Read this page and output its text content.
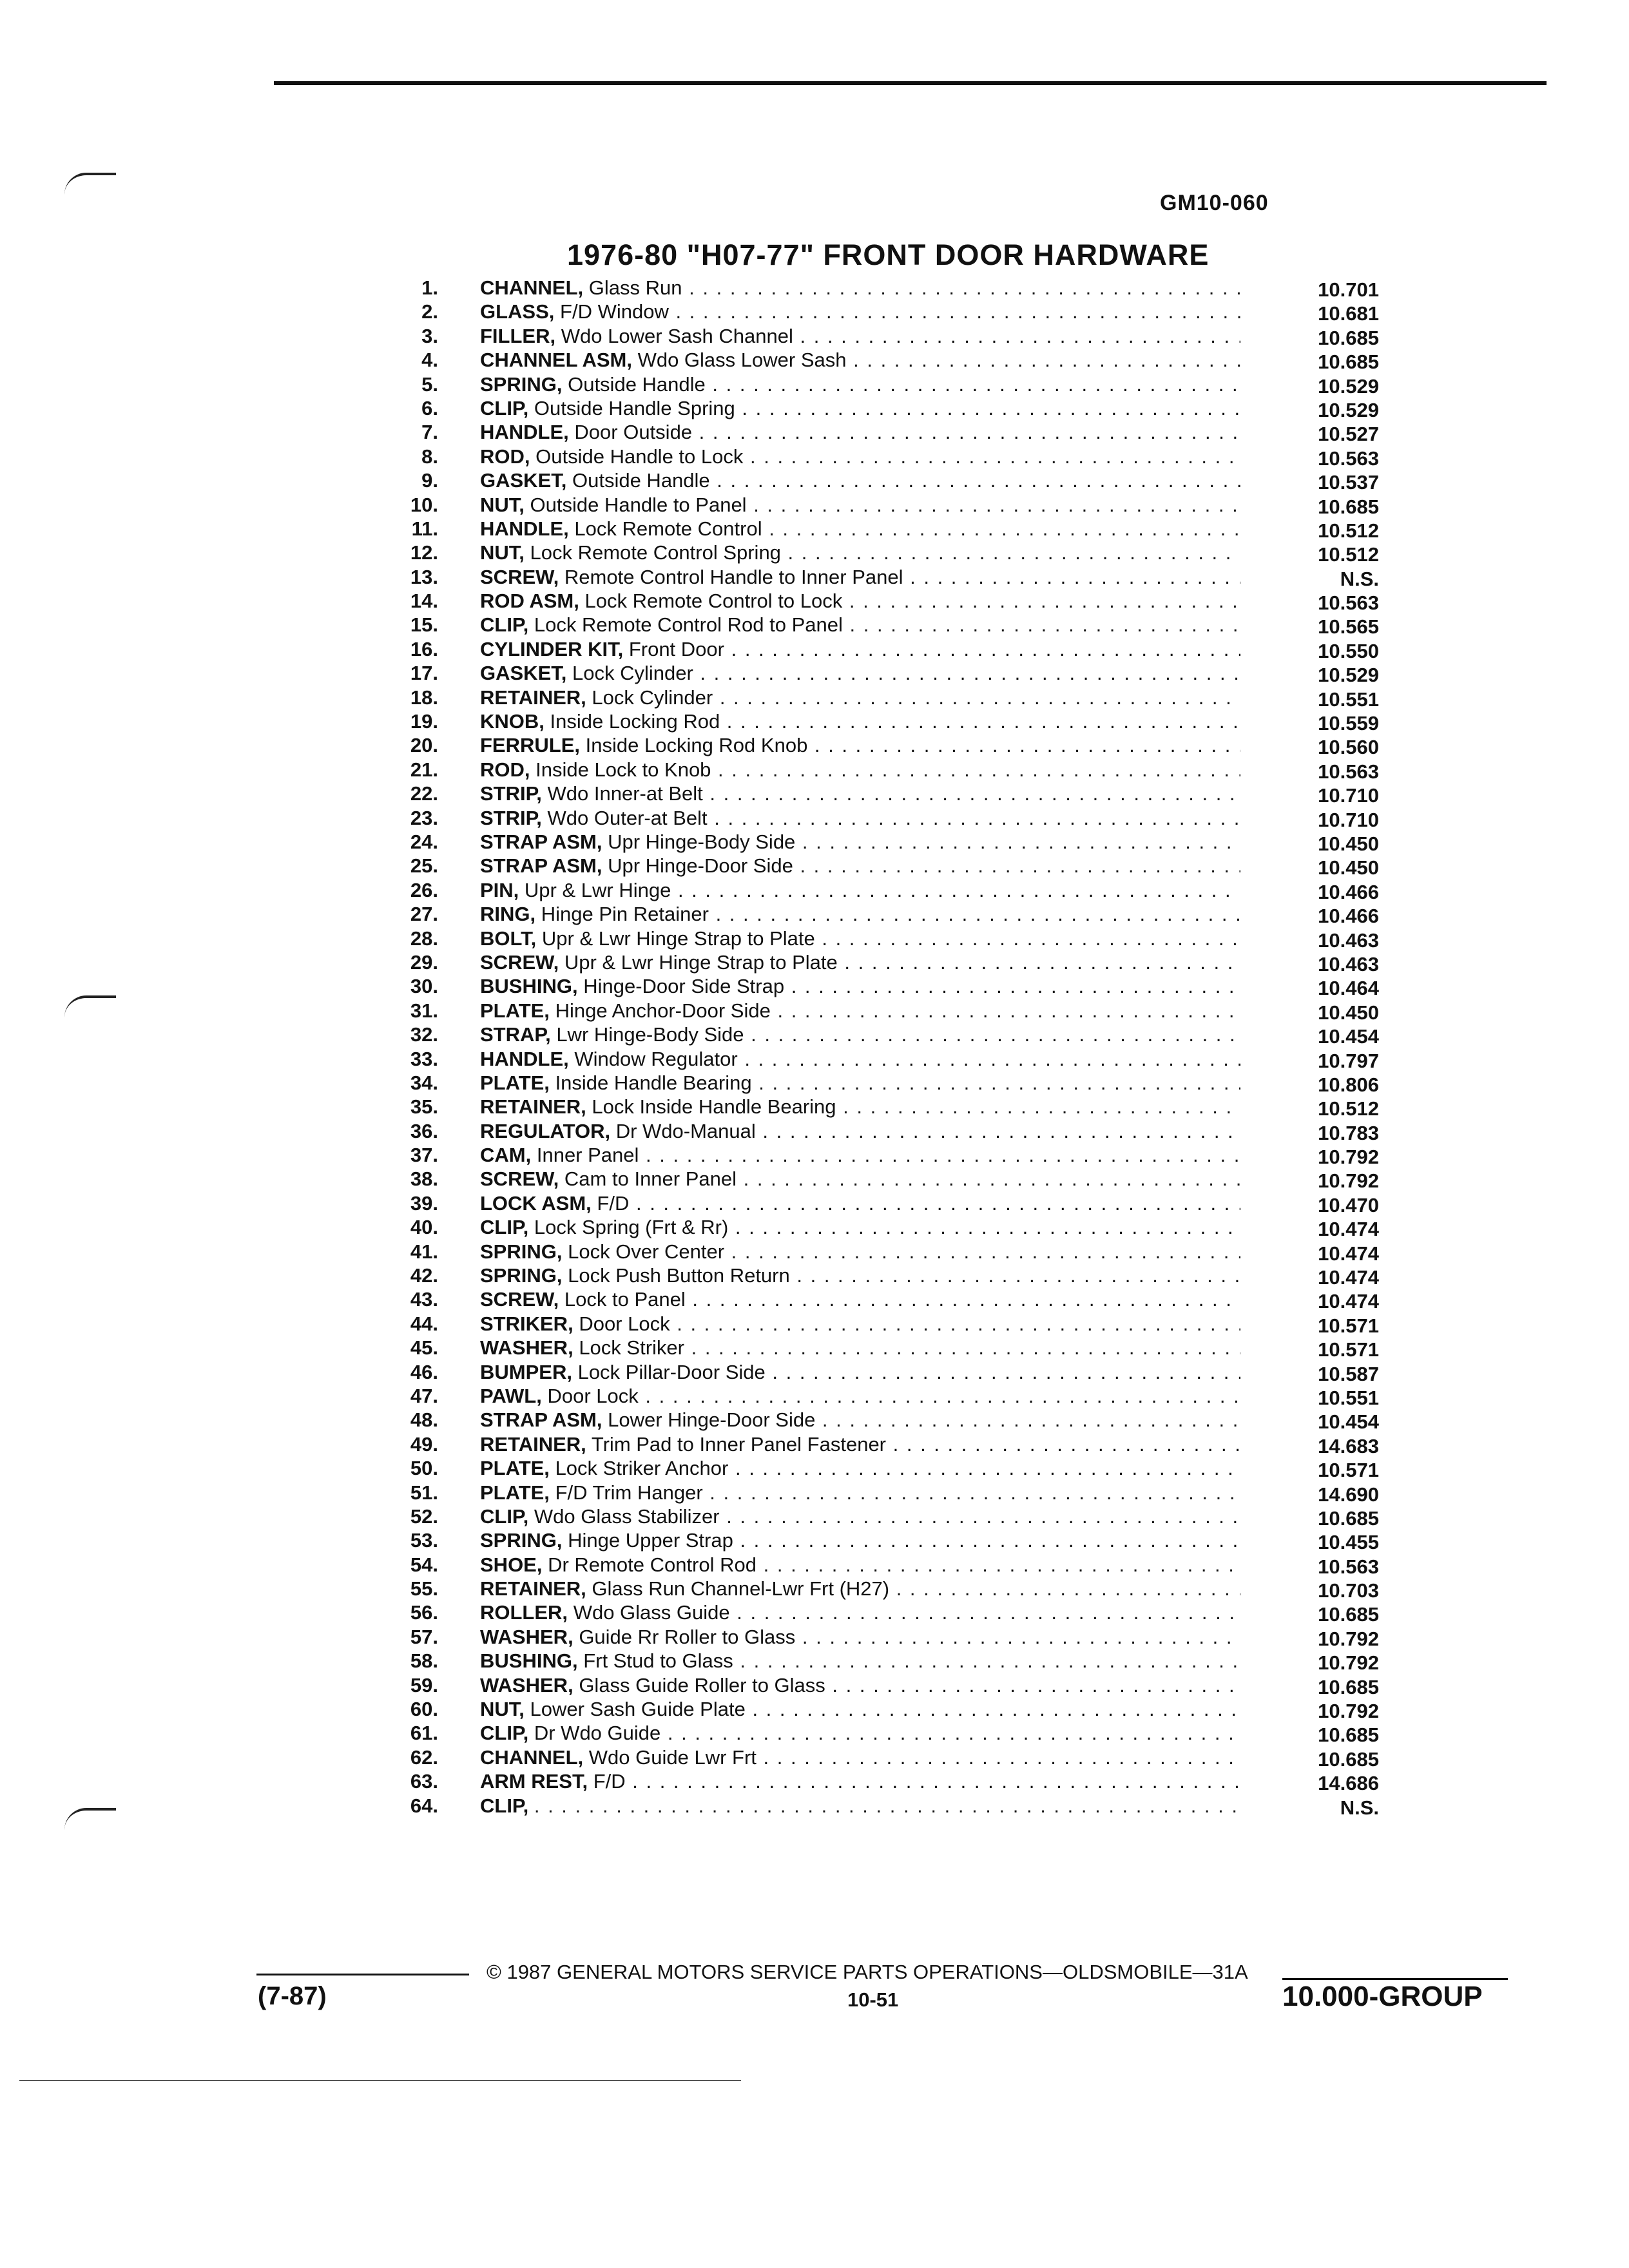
GM10-060
1976-80 "H07-77" FRONT DOOR HARDWARE
1. CHANNEL, Glass Run . . .	10.701
2. GLASS, F/D Window . . .	10.681
3. FILLER, Wdo Lower Sash Channel . . .	10.685
4. CHANNEL ASM, Wdo Glass Lower Sash . . .	10.685
5. SPRING, Outside Handle . . .	10.529
6. CLIP, Outside Handle Spring . . .	10.529
7. HANDLE, Door Outside . . .	10.527
8. ROD, Outside Handle to Lock . . .	10.563
9. GASKET, Outside Handle . . .	10.537
10. NUT, Outside Handle to Panel . . .	10.685
11. HANDLE, Lock Remote Control . . .	10.512
12. NUT, Lock Remote Control Spring . . .	10.512
13. SCREW, Remote Control Handle to Inner Panel . . .	N.S.
14. ROD ASM, Lock Remote Control to Lock . . .	10.563
15. CLIP, Lock Remote Control Rod to Panel . . .	10.565
16. CYLINDER KIT, Front Door . . .	10.550
17. GASKET, Lock Cylinder . . .	10.529
18. RETAINER, Lock Cylinder . . .	10.551
19. KNOB, Inside Locking Rod . . .	10.559
20. FERRULE, Inside Locking Rod Knob . . .	10.560
21. ROD, Inside Lock to Knob . . .	10.563
22. STRIP, Wdo Inner-at Belt . . .	10.710
23. STRIP, Wdo Outer-at Belt . . .	10.710
24. STRAP ASM, Upr Hinge-Body Side . . .	10.450
25. STRAP ASM, Upr Hinge-Door Side . . .	10.450
26. PIN, Upr & Lwr Hinge . . .	10.466
27. RING, Hinge Pin Retainer . . .	10.466
28. BOLT, Upr & Lwr Hinge Strap to Plate . . .	10.463
29. SCREW, Upr & Lwr Hinge Strap to Plate . . .	10.463
30. BUSHING, Hinge-Door Side Strap . . .	10.464
31. PLATE, Hinge Anchor-Door Side . . .	10.450
32. STRAP, Lwr Hinge-Body Side . . .	10.454
33. HANDLE, Window Regulator . . .	10.797
34. PLATE, Inside Handle Bearing . . .	10.806
35. RETAINER, Lock Inside Handle Bearing . . .	10.512
36. REGULATOR, Dr Wdo-Manual . . .	10.783
37. CAM, Inner Panel . . .	10.792
38. SCREW, Cam to Inner Panel . . .	10.792
39. LOCK ASM, F/D . . .	10.470
40. CLIP, Lock Spring (Frt & Rr) . . .	10.474
41. SPRING, Lock Over Center . . .	10.474
42. SPRING, Lock Push Button Return . . .	10.474
43. SCREW, Lock to Panel . . .	10.474
44. STRIKER, Door Lock . . .	10.571
45. WASHER, Lock Striker . . .	10.571
46. BUMPER, Lock Pillar-Door Side . . .	10.587
47. PAWL, Door Lock . . .	10.551
48. STRAP ASM, Lower Hinge-Door Side . . .	10.454
49. RETAINER, Trim Pad to Inner Panel Fastener . . .	14.683
50. PLATE, Lock Striker Anchor . . .	10.571
51. PLATE, F/D Trim Hanger . . .	14.690
52. CLIP, Wdo Glass Stabilizer . . .	10.685
53. SPRING, Hinge Upper Strap . . .	10.455
54. SHOE, Dr Remote Control Rod . . .	10.563
55. RETAINER, Glass Run Channel-Lwr Frt (H27) . . .	10.703
56. ROLLER, Wdo Glass Guide . . .	10.685
57. WASHER, Guide Rr Roller to Glass . . .	10.792
58. BUSHING, Frt Stud to Glass . . .	10.792
59. WASHER, Glass Guide Roller to Glass . . .	10.685
60. NUT, Lower Sash Guide Plate . . .	10.792
61. CLIP, Dr Wdo Guide . . .	10.685
62. CHANNEL, Wdo Guide Lwr Frt . . .	10.685
63. ARM REST, F/D . . .	14.686
64. CLIP, . . .	N.S.
(7-87)
© 1987 GENERAL MOTORS SERVICE PARTS OPERATIONS—OLDSMOBILE—31A
10-51	10.000-GROUP
